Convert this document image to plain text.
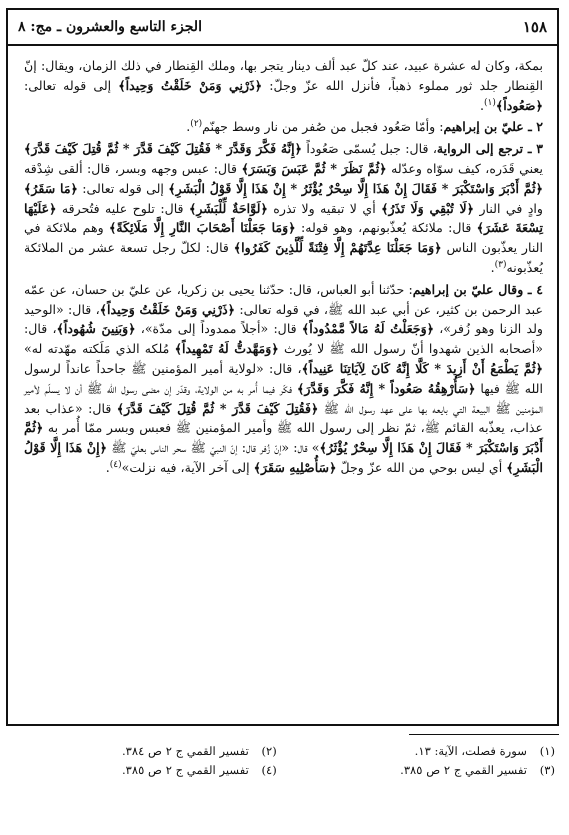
١٥٨
الجزء التاسع والعشرون ـ مج: ٨

بمكة، وكان له عشرة عبيد، عند كلّ عبد ألف دينار يتجر بها، وملك القِنطار في ذلك الزمان، ويقال: إنّ القِنطار جلد ثور مملوء ذهباً، فأنزل الله عزّ وجلّ: ﴿ذَرْنِي وَمَنْ خَلَقْتُ وَحِيداً﴾ إلى قوله تعالى: ﴿صَعُوداً﴾$^{(١)}$.

٢ ـ عليّ بن إبراهيم: وأمّا صَعُود فجبل من صُفر من نار وسط جهنّم$^{(٢)}$.

٣ ـ ترجع إلى الرواية، قال: جبل يُسمّى صَعُوداً ﴿إِنَّهُ فَكَّرَ وَقَدَّرَ * فَقُتِلَ كَيْفَ قَدَّرَ * ثُمَّ قُتِلَ كَيْفَ قَدَّرَ﴾ يعني قَدَره، كيف سوّاه وعدّله ﴿ثُمَّ نَظَرَ * ثُمَّ عَبَسَ وَبَسَرَ﴾ قال: عبس وجهه وبسر، قال: ألقى شِدْقه ﴿ثُمَّ أَدْبَرَ وَاسْتَكْبَرَ * فَقَالَ إِنْ هَذَا إِلَّا سِحْرٌ يُؤْثَرُ * إِنْ هَذَا إِلَّا قَوْلُ الْبَشَرِ﴾ إلى قوله تعالى: ﴿مَا سَقَرُ﴾ وادٍ في النار ﴿لَا تُبْقِي وَلَا تَذَرُ﴾ أي لا تبقيه ولا تذره ﴿لَوَّاحَةٌ لِّلْبَشَرِ﴾ قال: تلوح عليه فتُحرقه ﴿عَلَيْهَا تِسْعَةَ عَشَرَ﴾ قال: ملائكة يُعذّبونهم، وهو قوله: ﴿وَمَا جَعَلْنَا أَصْحَابَ النَّارِ إِلَّا مَلَائِكَةً﴾ وهم ملائكة في النار يعذّبون الناس ﴿وَمَا جَعَلْنَا عِدَّتَهُمْ إِلَّا فِتْنَةً لِّلَّذِينَ كَفَرُوا﴾ قال: لكلّ رجل تسعة عشر من الملائكة يُعذّبونه$^{(٣)}$.

٤ ـ وقال عليّ بن إبراهيم: حدّثنا أبو العباس، قال: حدّثنا يحيى بن زكريا، عن عليّ بن حسان، عن عمّه عبد الرحمن بن كثير، عن أبي عبد الله ﷺ، في قوله تعالى: ﴿ذَرْنِي وَمَنْ خَلَقْتُ وَحِيداً﴾، قال: «الوحيد ولد الزنا وهو زُفر»، ﴿وَجَعَلْتُ لَهُ مَالاً مَّمْدُوداً﴾ قال: «أجلاً ممدوداً إلى مدّة»، ﴿وَبَنِينَ شُهُوداً﴾، قال: «أصحابه الذين شهدوا أنّ رسول الله ﷺ لا يُورث ﴿وَمَهَّدتُّ لَهُ تَمْهِيداً﴾ مُلكه الذي مَلَكته مهّدته له» ﴿ثُمَّ يَطْمَعُ أَنْ أَزِيدَ * كَلَّا إِنَّهُ كَانَ لِآيَاتِنَا عَنِيداً﴾، قال: «لولاية أمير المؤمنين ﷺ جاحداً عانداً لرسول الله ﷺ فيها ﴿سَأُرْهِقُهُ صَعُوداً * إِنَّهُ فَكَّرَ وَقَدَّرَ﴾ فكّر فيما أُمر به من الولاية، وقدّر إن مضى رسول الله ﷺ أن لا يسلّم لأمير المؤمنين ﷺ البيعة التي بايعه بها على عهد رسول الله ﷺ ﴿فَقُتِلَ كَيْفَ قَدَّرَ * ثُمَّ قُتِلَ كَيْفَ قَدَّرَ﴾ قال: «عذاب بعد عذاب، يعذّبه القائم ﷺ، ثمّ نظر إلى رسول الله ﷺ وأمير المؤمنين ﷺ فعبس وبسر ممّا أُمر به ﴿ثُمَّ أَدْبَرَ وَاسْتَكْبَرَ * فَقَالَ إِنْ هَذَا إِلَّا سِحْرٌ يُؤْثَرُ﴾» قال: «إنّ زُفر قال: إنّ النبيّ ﷺ سحر الناس بعليّ ﷺ ﴿إِنْ هَذَا إِلَّا قَوْلُ الْبَشَرِ﴾ أي ليس بوحي من الله عزّ وجلّ ﴿سَأُصْلِيهِ سَقَرَ﴾ إلى آخر الآية، فيه نزلت»$^{(٤)}$.

(١)
سورة فصلت، الآية: ١٣.
(٢)
تفسير القمي ج ٢ ص ٣٨٤.
(٣)
تفسير القمي ج ٢ ص ٣٨٥.
(٤)
تفسير القمي ج ٢ ص ٣٨٥.
